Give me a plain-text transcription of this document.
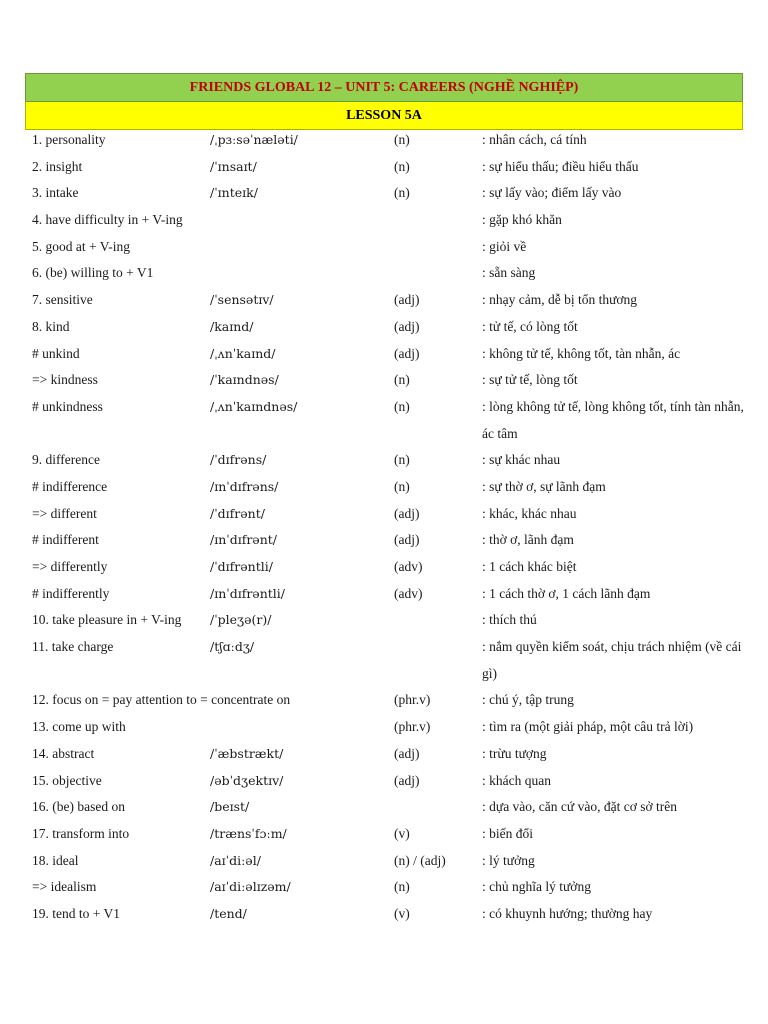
FRIENDS GLOBAL 12 – UNIT 5: CAREERS (NGHỀ NGHIỆP)
LESSON 5A
1. personality	/ˌpɜːsəˈnæləti/	(n)	: nhân cách, cá tính
2. insight	/ˈɪnsaɪt/	(n)	: sự hiểu thấu; điều hiểu thấu
3. intake	/ˈɪnteɪk/	(n)	: sự lấy vào; điểm lấy vào
4. have difficulty in + V-ing	: gặp khó khăn
5. good at + V-ing	: giỏi về
6. (be) willing to + V1	: sẵn sàng
7. sensitive	/ˈsensətɪv/	(adj)	: nhạy cảm, dễ bị tổn thương
8. kind	/kaɪnd/	(adj)	: tử tế, có lòng tốt
# unkind	/ˌʌnˈkaɪnd/	(adj)	: không tử tế, không tốt, tàn nhẫn, ác
=> kindness	/ˈkaɪndnəs/	(n)	: sự tử tế, lòng tốt
# unkindness	/ˌʌnˈkaɪndnəs/	(n)	: lòng không tử tế, lòng không tốt, tính tàn nhẫn, ác tâm
9. difference	/ˈdɪfrəns/	(n)	: sự khác nhau
# indifference	/ɪnˈdɪfrəns/	(n)	: sự thờ ơ, sự lãnh đạm
=> different	/ˈdɪfrənt/	(adj)	: khác, khác nhau
# indifferent	/ɪnˈdɪfrənt/	(adj)	: thờ ơ, lãnh đạm
=> differently	/ˈdɪfrəntli/	(adv)	: 1 cách khác biệt
# indifferently	/ɪnˈdɪfrəntli/	(adv)	: 1 cách thờ ơ, 1 cách lãnh đạm
10. take pleasure in + V-ing /ˈpleʒə(r)/	: thích thú
11. take charge	/tʃɑːdʒ/	: nắm quyền kiểm soát, chịu trách nhiệm (về cái gì)
12. focus on = pay attention to = concentrate on	(phr.v)	: chú ý, tập trung
13. come up with	(phr.v)	: tìm ra (một giải pháp, một câu trả lời)
14. abstract	/ˈæbstrækt/	(adj)	: trừu tượng
15. objective	/əbˈdʒektɪv/	(adj)	: khách quan
16. (be) based on	/beɪst/	: dựa vào, căn cứ vào, đặt cơ sở trên
17. transform into	/trænsˈfɔːm/	(v)	: biến đổi
18. ideal	/aɪˈdiːəl/	(n) / (adj)	: lý tưởng
=> idealism	/aɪˈdiːəlɪzəm/	(n)	: chủ nghĩa lý tưởng
19. tend to + V1	/tend/	(v)	: có khuynh hướng; thường hay
